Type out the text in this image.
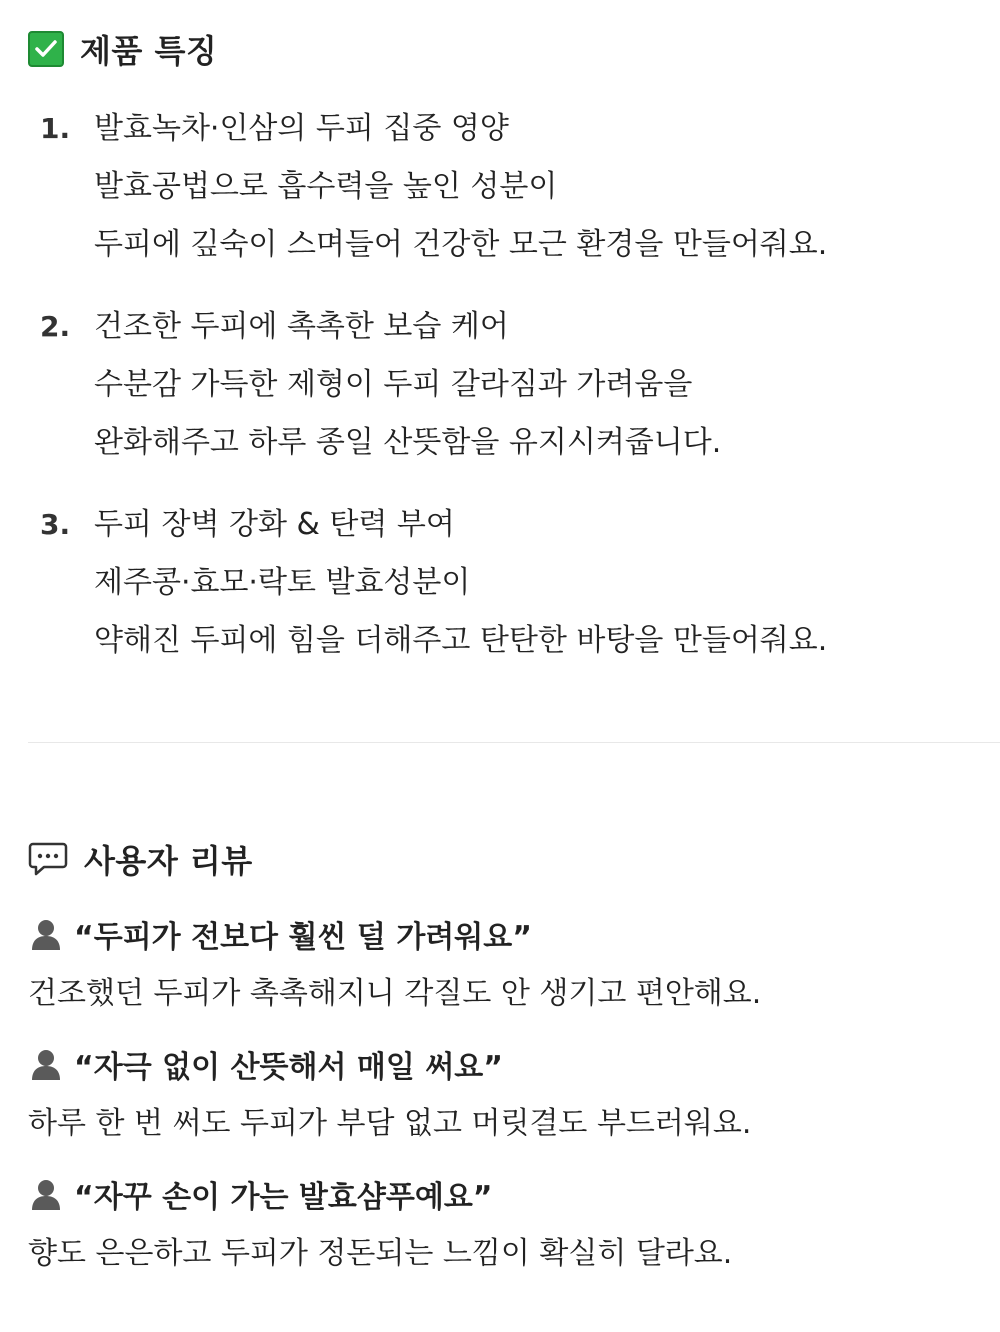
제품 특징
1. 발효녹차·인삼의 두피 집중 영양
발효공법으로 흡수력을 높인 성분이
두피에 깊숙이 스며들어 건강한 모근 환경을 만들어줘요.
2. 건조한 두피에 촉촉한 보습 케어
수분감 가득한 제형이 두피 갈라짐과 가려움을
완화해주고 하루 종일 산뜻함을 유지시켜줍니다.
3. 두피 장벽 강화 & 탄력 부여
제주콩·효모·락토 발효성분이
약해진 두피에 힘을 더해주고 탄탄한 바탕을 만들어줘요.
사용자 리뷰
“두피가 전보다 훨씬 덜 가려워요”
건조했던 두피가 촉촉해지니 각질도 안 생기고 편안해요.
“자극 없이 산뜻해서 매일 써요”
하루 한 번 써도 두피가 부담 없고 머릿결도 부드러워요.
“자꾸 손이 가는 발효샴푸예요”
향도 은은하고 두피가 정돈되는 느낌이 확실히 달라요.
